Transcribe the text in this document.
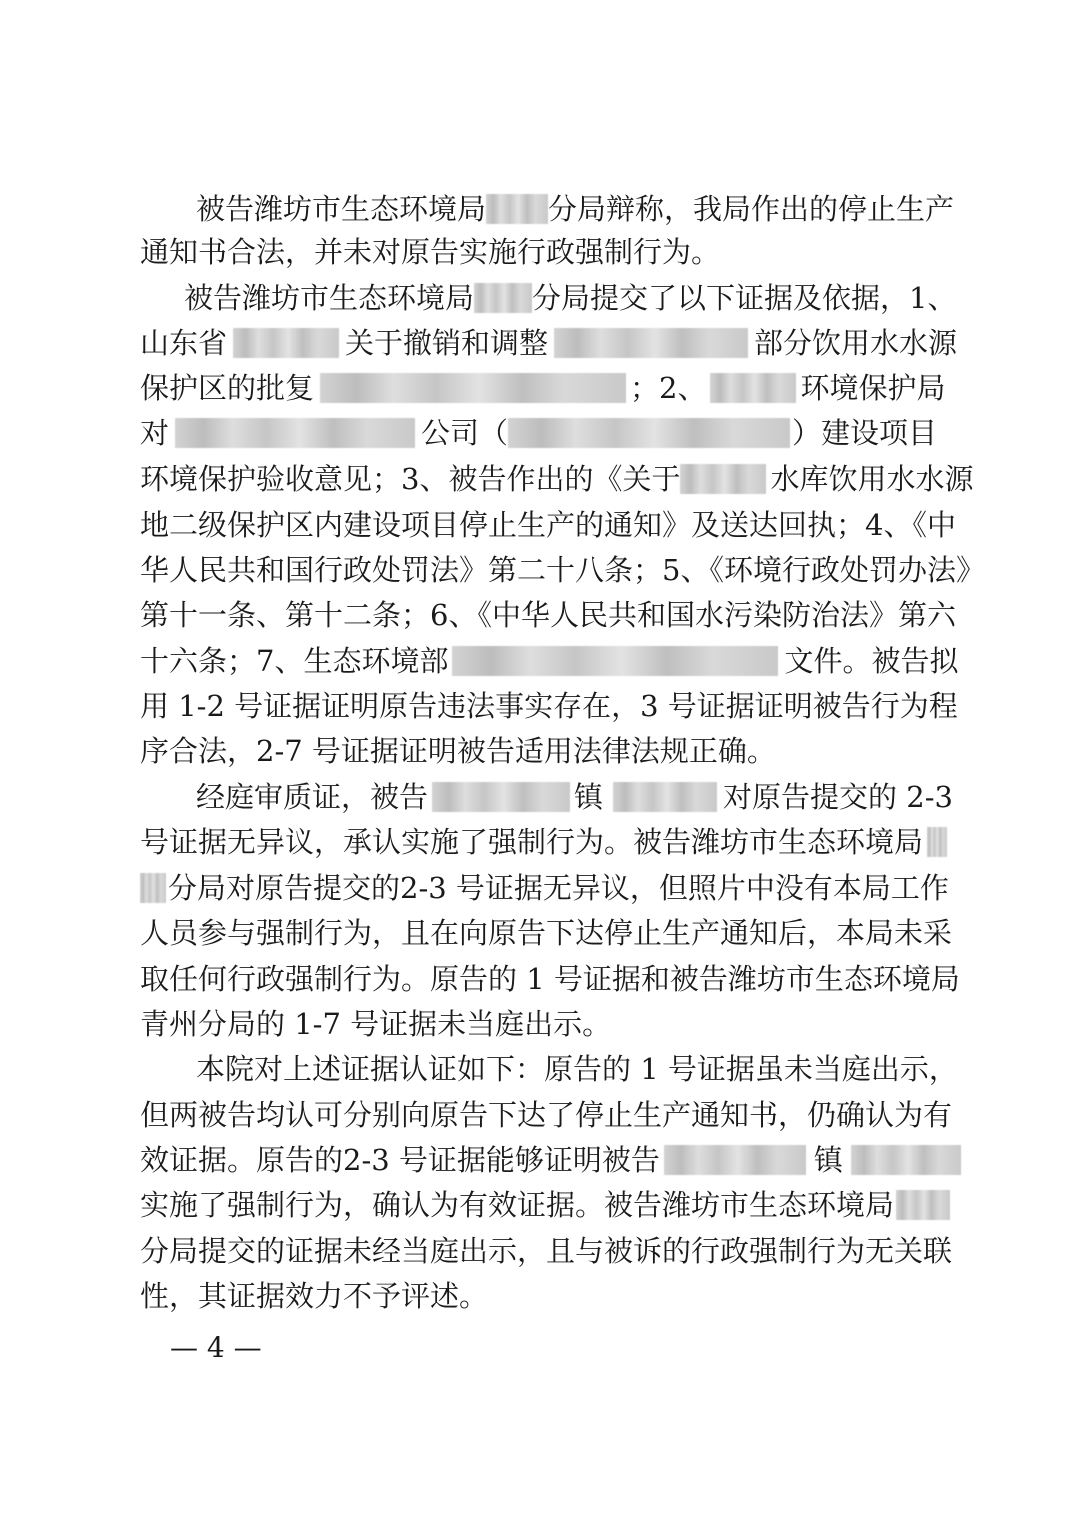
被告潍坊市生态环境局 分局辩称，我局作出的停止生产
通知书合法，并未对原告实施行政强制行为。
被告潍坊市生态环境局 分局提交了以下证据及依据，1、
山东省	关于撤销和调整	部分饮用水水源
保护区的批复	；2、	环境保护局
对	公司（	）建设项目
环境保护验收意见；3、被告作出的《关于	水库饮用水水源
地二级保护区内建设项目停止生产的通知》及送达回执；4、《中
华人民共和国行政处罚法》第二十八条；5、《环境行政处罚办法》
第十一条、第十二条；6、《中华人民共和国水污染防治法》第六
十六条；7、生态环境部	文件。被告拟
用 1-2 号证据证明原告违法事实存在，3 号证据证明被告行为程
序合法，2-7 号证据证明被告适用法律法规正确。
经庭审质证，被告	镇	对原告提交的 2-3
号证据无异议，承认实施了强制行为。被告潍坊市生态环境局
分局对原告提交的2-3 号证据无异议，但照片中没有本局工作
人员参与强制行为，且在向原告下达停止生产通知后，本局未采
取任何行政强制行为。原告的 1 号证据和被告潍坊市生态环境局
青州分局的 1-7 号证据未当庭出示。
本院对上述证据认证如下：原告的 1 号证据虽未当庭出示，
但两被告均认可分别向原告下达了停止生产通知书，仍确认为有
效证据。原告的2-3 号证据能够证明被告	镇
实施了强制行为，确认为有效证据。被告潍坊市生态环境局
分局提交的证据未经当庭出示，且与被诉的行政强制行为无关联
性，其证据效力不予评述。
— 4 —
